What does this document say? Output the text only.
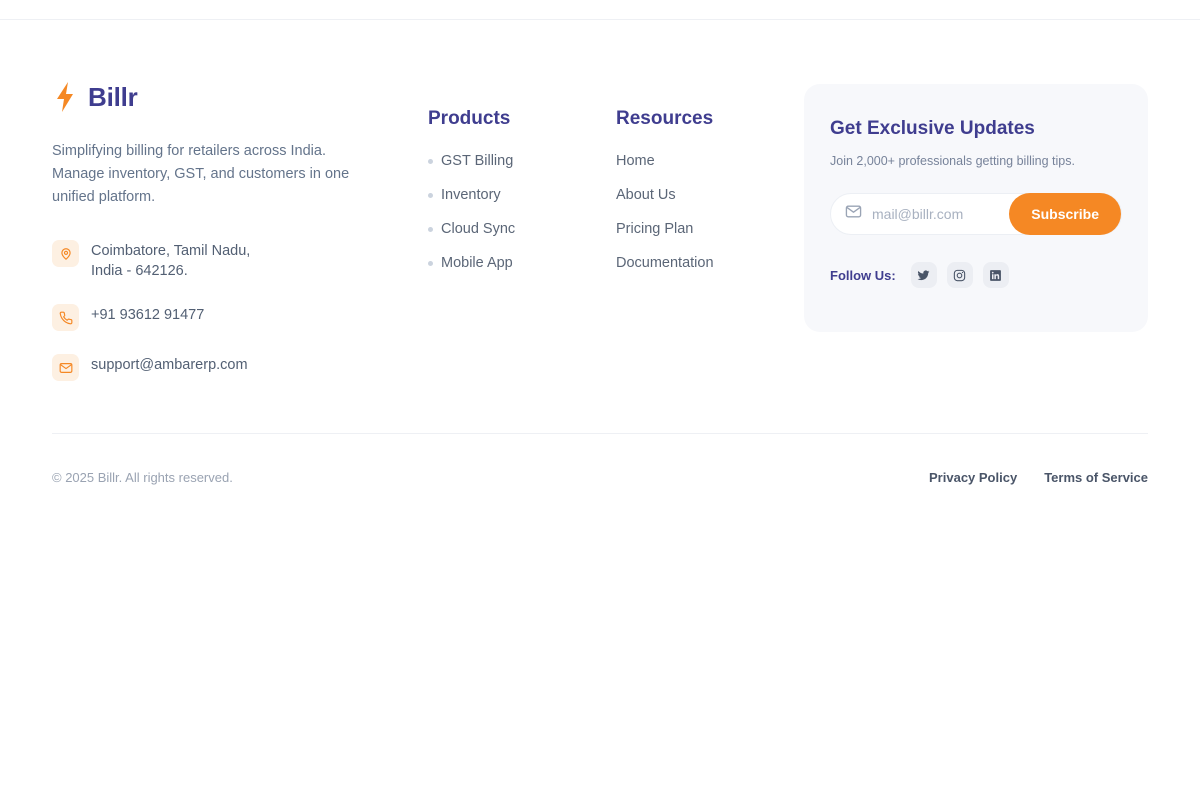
Billr

Simplifying billing for retailers across India. Manage inventory, GST, and customers in one unified platform.

Coimbatore, Tamil Nadu,
India - 642126.
+91 93612 91477
support@ambarerp.com
Products
GST Billing
Inventory
Cloud Sync
Mobile App
Resources
Home
About Us
Pricing Plan
Documentation
Get Exclusive Updates
Join 2,000+ professionals getting billing tips.
mail@billr.com
Subscribe
Follow Us:
© 2025 Billr. All rights reserved.	Privacy Policy Terms of Service
